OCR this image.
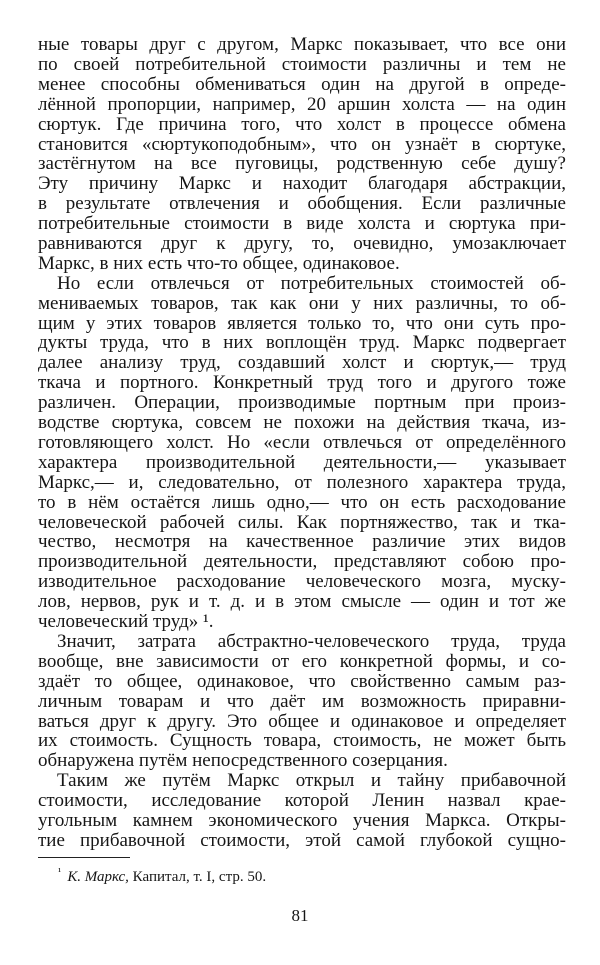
ные товары друг с другом, Маркс показывает, что все они
по своей потребительной стоимости различны и тем не
менее способны обмениваться один на другой в опреде-
лённой пропорции, например, 20 аршин холста — на один
сюртук. Где причина того, что холст в процессе обмена
становится «сюртукоподобным», что он узнаёт в сюртуке,
застёгнутом на все пуговицы, родственную себе душу?
Эту причину Маркс и находит благодаря абстракции,
в результате отвлечения и обобщения. Если различные
потребительные стоимости в виде холста и сюртука при-
равниваются друг к другу, то, очевидно, умозаключает
Маркс, в них есть что-то общее, одинаковое.
Но если отвлечься от потребительных стоимостей об-
мениваемых товаров, так как они у них различны, то об-
щим у этих товаров является только то, что они суть про-
дукты труда, что в них воплощён труд. Маркс подвергает
далее анализу труд, создавший холст и сюртук,— труд
ткача и портного. Конкретный труд того и другого тоже
различен. Операции, производимые портным при произ-
водстве сюртука, совсем не похожи на действия ткача, из-
готовляющего холст. Но «если отвлечься от определённого
характера производительной деятельности,— указывает
Маркс,— и, следовательно, от полезного характера труда,
то в нём остаётся лишь одно,— что он есть расходование
человеческой рабочей силы. Как портняжество, так и тка-
чество, несмотря на качественное различие этих видов
производительной деятельности, представляют собою про-
изводительное расходование человеческого мозга, муску-
лов, нервов, рук и т. д. и в этом смысле — один и тот же
человеческий труд» ¹.
Значит, затрата абстрактно-человеческого труда, труда
вообще, вне зависимости от его конкретной формы, и со-
здаёт то общее, одинаковое, что свойственно самым раз-
личным товарам и что даёт им возможность приравни-
ваться друг к другу. Это общее и одинаковое и определяет
их стоимость. Сущность товара, стоимость, не может быть
обнаружена путём непосредственного созерцания.
Таким же путём Маркс открыл и тайну прибавочной
стоимости, исследование которой Ленин назвал крае-
угольным камнем экономического учения Маркса. Откры-
тие прибавочной стоимости, этой самой глубокой сущно-
$^{^1}$ К. Маркс, Капитал, т. I, стр. 50.
81
